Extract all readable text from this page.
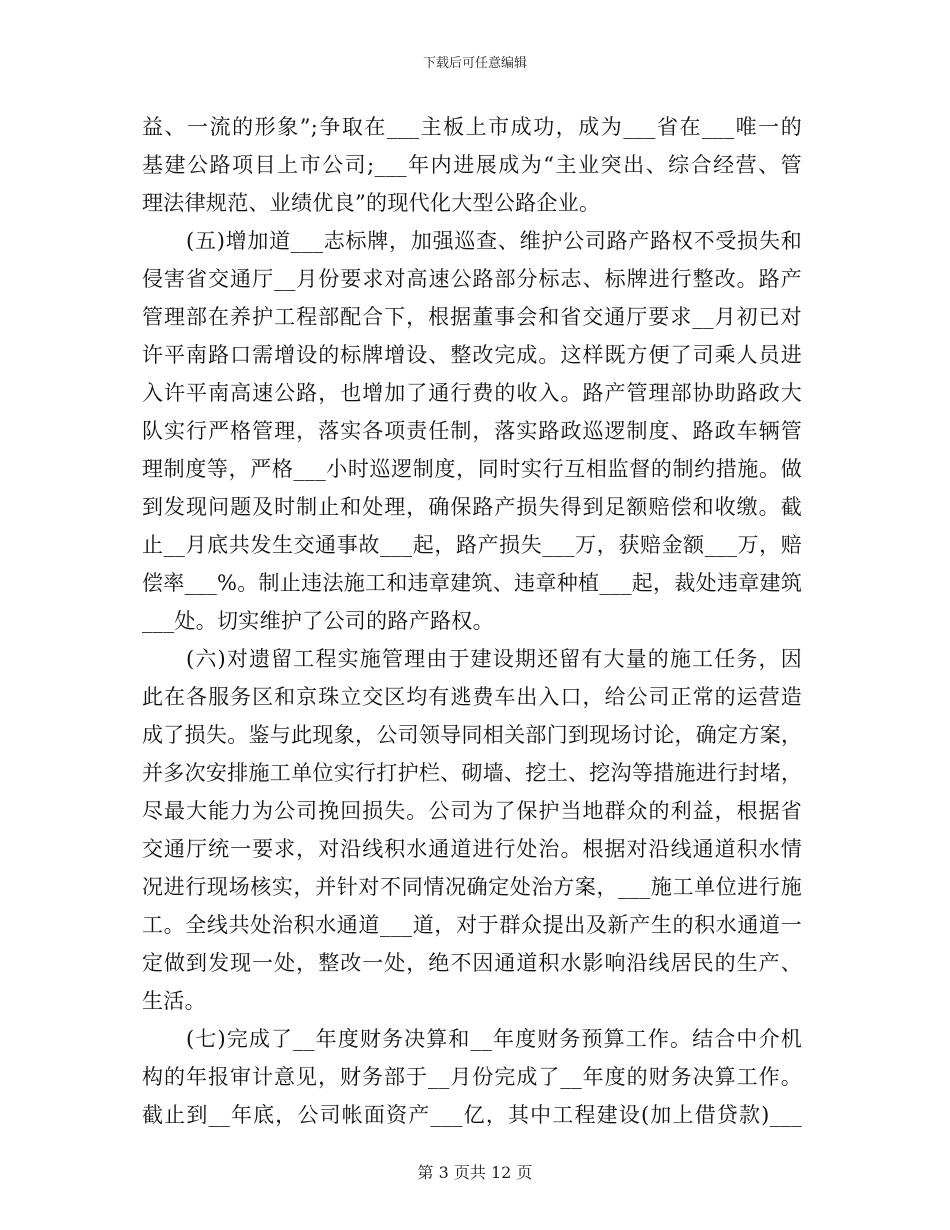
下载后可任意编辑
益、一流的形象”;争取在___主板上市成功，成为___省在___唯一的
基建公路项目上市公司;___年内进展成为“主业突出、综合经营、管
理法律规范、业绩优良”的现代化大型公路企业。
(五)增加道___志标牌，加强巡查、维护公司路产路权不受损失和
侵害省交通厅__月份要求对高速公路部分标志、标牌进行整改。路产
管理部在养护工程部配合下，根据董事会和省交通厅要求__月初已对
许平南路口需增设的标牌增设、整改完成。这样既方便了司乘人员进
入许平南高速公路，也增加了通行费的收入。路产管理部协助路政大
队实行严格管理，落实各项责任制，落实路政巡逻制度、路政车辆管
理制度等，严格___小时巡逻制度，同时实行互相监督的制约措施。做
到发现问题及时制止和处理，确保路产损失得到足额赔偿和收缴。截
止__月底共发生交通事故___起，路产损失___万，获赔金额___万，赔
偿率___%。制止违法施工和违章建筑、违章种植___起，裁处违章建筑
___处。切实维护了公司的路产路权。
(六)对遗留工程实施管理由于建设期还留有大量的施工任务，因
此在各服务区和京珠立交区均有逃费车出入口，给公司正常的运营造
成了损失。鉴与此现象，公司领导同相关部门到现场讨论，确定方案，
并多次安排施工单位实行打护栏、砌墙、挖土、挖沟等措施进行封堵，
尽最大能力为公司挽回损失。公司为了保护当地群众的利益，根据省
交通厅统一要求，对沿线积水通道进行处治。根据对沿线通道积水情
况进行现场核实，并针对不同情况确定处治方案，___施工单位进行施
工。全线共处治积水通道___道，对于群众提出及新产生的积水通道一
定做到发现一处，整改一处，绝不因通道积水影响沿线居民的生产、
生活。
(七)完成了__年度财务决算和__年度财务预算工作。结合中介机
构的年报审计意见，财务部于__月份完成了__年度的财务决算工作。
截止到__年底，公司帐面资产___亿，其中工程建设(加上借贷款)___
第 3 页共 12 页
